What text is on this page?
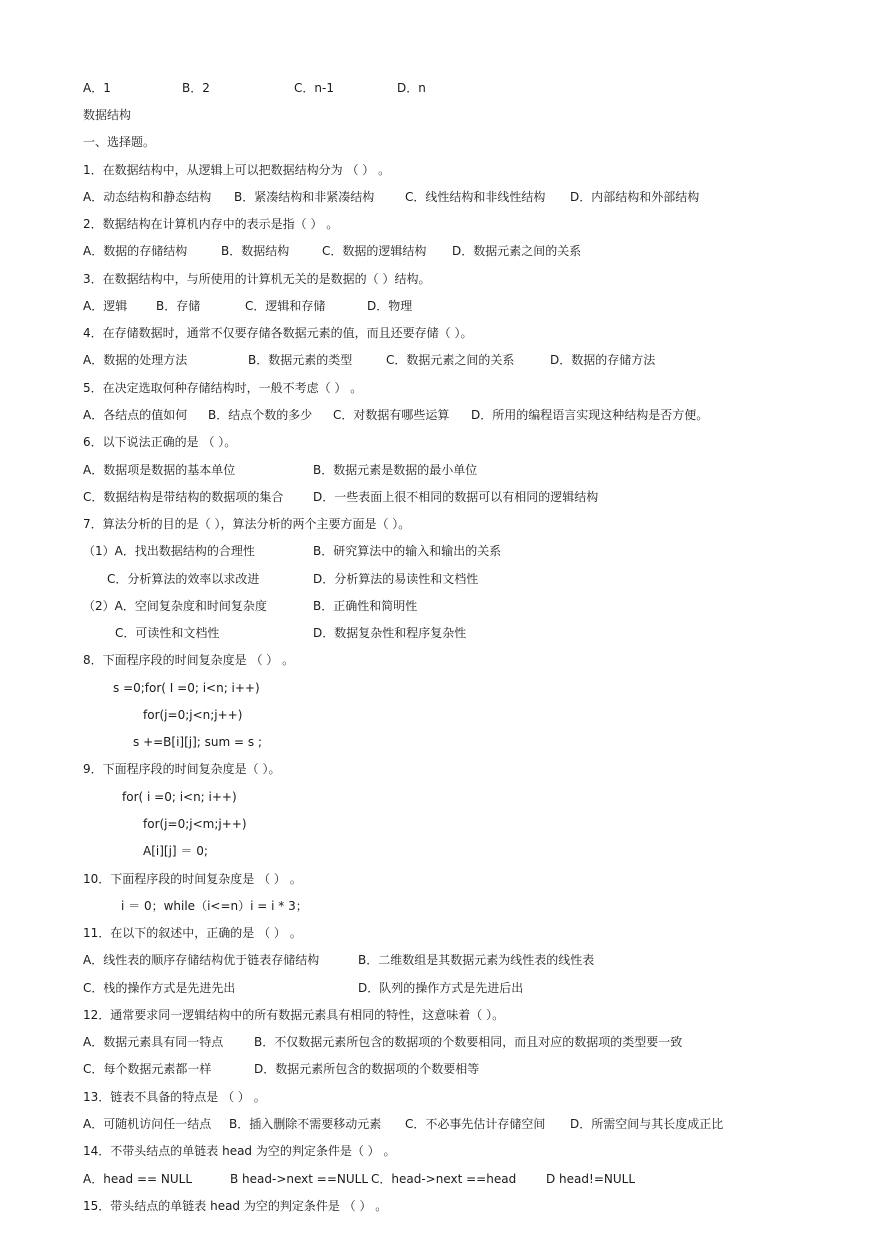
A．1

	B．2

	C．n-1

	D．n

数据结构
一、选择题。
1．在数据结构中，从逻辑上可以把数据结构分为 （ ） 。

A．动态结构和静态结构

B．紧凑结构和非紧凑结构

	C．线性结构和非线性结构

D．内部结构和外部结构

2．数据结构在计算机内存中的表示是指（ ） 。

A．数据的存储结构

	B．数据结构

	C．数据的逻辑结构

D．数据元素之间的关系

3．在数据结构中，与所使用的计算机无关的是数据的（ ）结构。

A．逻辑

B．存储

	C．逻辑和存储

	D．物理

4．在存储数据时，通常不仅要存储各数据元素的值，而且还要存储（ ）。

A．数据的处理方法

	B．数据元素的类型

	C．数据元素之间的关系

	D．数据的存储方法

5．在决定选取何种存储结构时，一般不考虑（ ） 。

A．各结点的值如何

B．结点个数的多少

C．对数据有哪些运算

D．所用的编程语言实现这种结构是否方便。

6．以下说法正确的是 （ ）。

A．数据项是数据的基本单位

	B．数据元素是数据的最小单位

C．数据结构是带结构的数据项的集合

D．一些表面上很不相同的数据可以有相同的逻辑结构

7．算法分析的目的是（ ），算法分析的两个主要方面是（ ）。

（1）A．找出数据结构的合理性

	B．研究算法中的输入和输出的关系

C．分析算法的效率以求改进

	D．分析算法的易读性和文档性

（2）A．空间复杂度和时间复杂度

	B．正确性和简明性

C．可读性和文档性

	D．数据复杂性和程序复杂性

8．下面程序段的时间复杂度是 （ ） 。
s =0;for( I =0; i<n; i++)
for(j=0;j<n;j++)
s +=B[i][j]; sum = s ;
9．下面程序段的时间复杂度是（ ）。
for( i =0; i<n; i++)
for(j=0;j<m;j++)
A[i][j] ＝ 0;
10．下面程序段的时间复杂度是 （ ） 。
i ＝ 0；while（i<=n）i = i * 3；
11．在以下的叙述中，正确的是 （ ） 。

A．线性表的顺序存储结构优于链表存储结构

	B．二维数组是其数据元素为线性表的线性表

C．栈的操作方式是先进先出

	D．队列的操作方式是先进后出

12．通常要求同一逻辑结构中的所有数据元素具有相同的特性，这意味着（ ）。

A．数据元素具有同一特点

	B．不仅数据元素所包含的数据项的个数要相同，而且对应的数据项的类型要一致

C．每个数据元素都一样

	D．数据元素所包含的数据项的个数要相等

13．链表不具备的特点是 （ ） 。

A．可随机访问任一结点

B．插入删除不需要移动元素

C．不必事先估计存储空间

D．所需空间与其长度成正比

14．不带头结点的单链表 head 为空的判定条件是（ ） 。

A．head == NULL

	B head->next ==NULL

C．head->next ==head

D head!=NULL

15．带头结点的单链表 head 为空的判定条件是 （ ） 。
